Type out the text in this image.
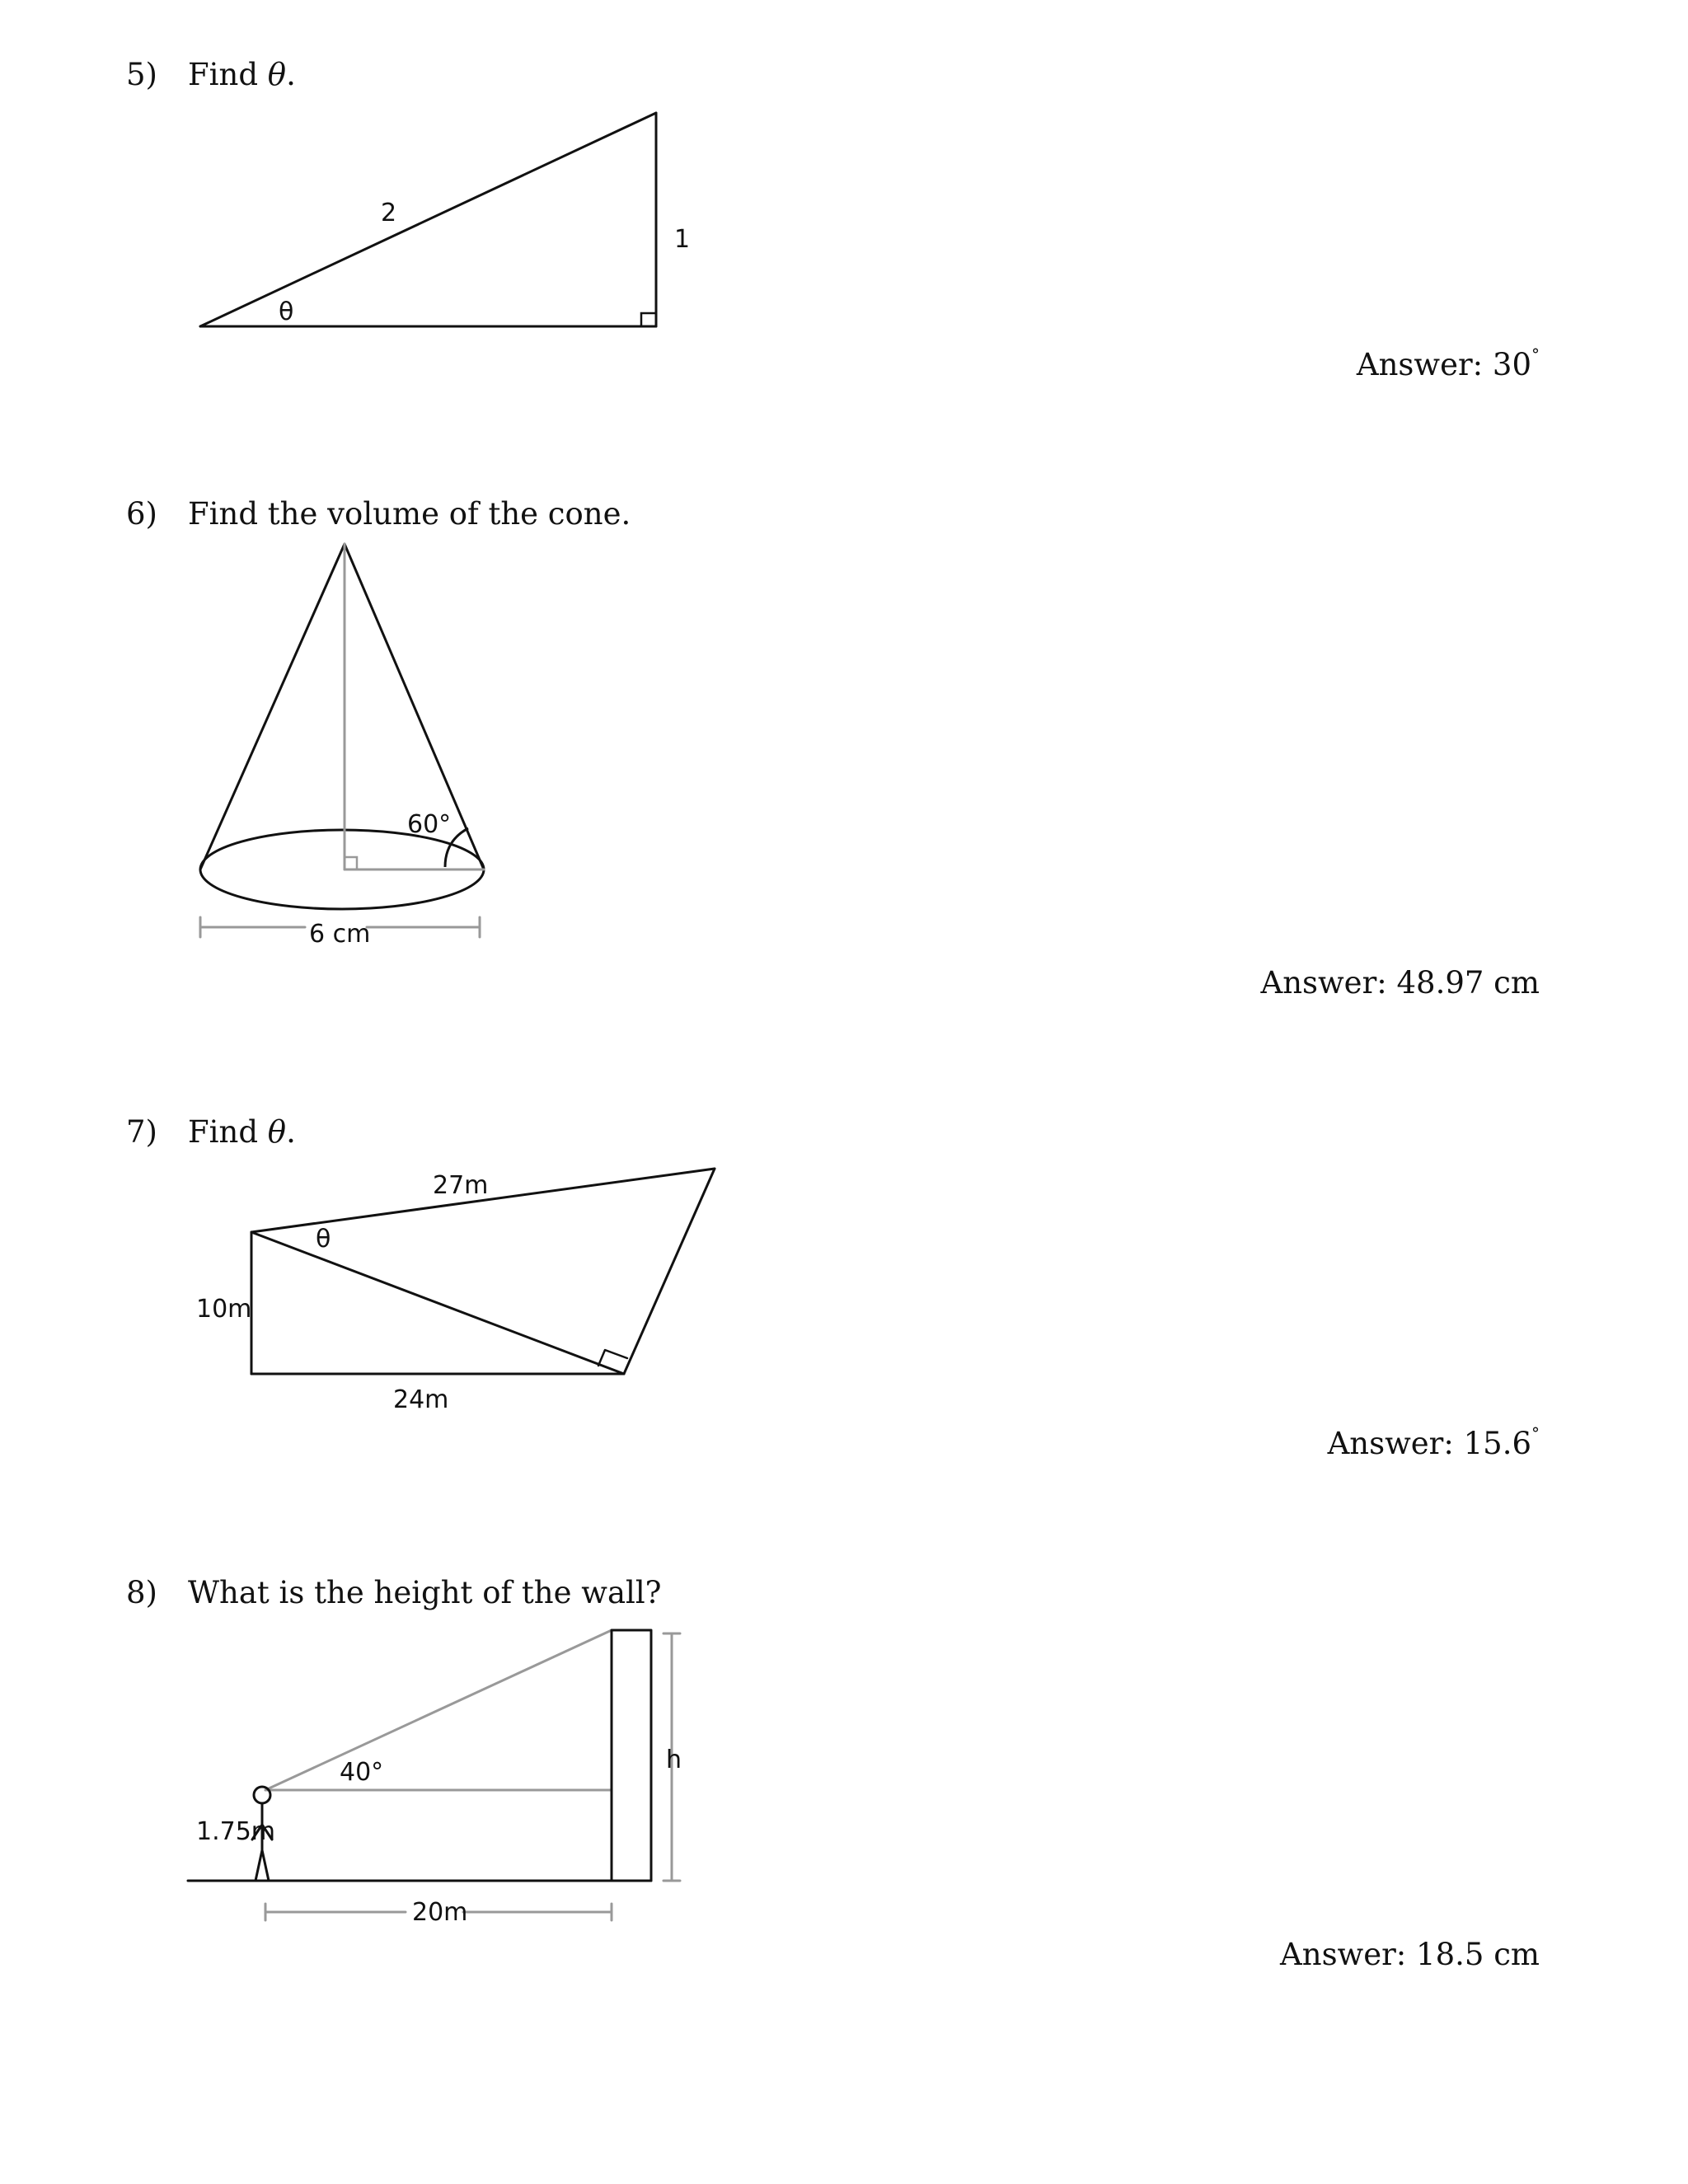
5) Find θ.
2
1
θ
Answer: 30°
6) Find the volume of the cone.
60°
6 cm
Answer: 48.97 cm
7) Find θ.
27m
10m
24m
θ
Answer: 15.6°
8) What is the height of the wall?
40°
1.75m
20m
h
Answer: 18.5 cm
